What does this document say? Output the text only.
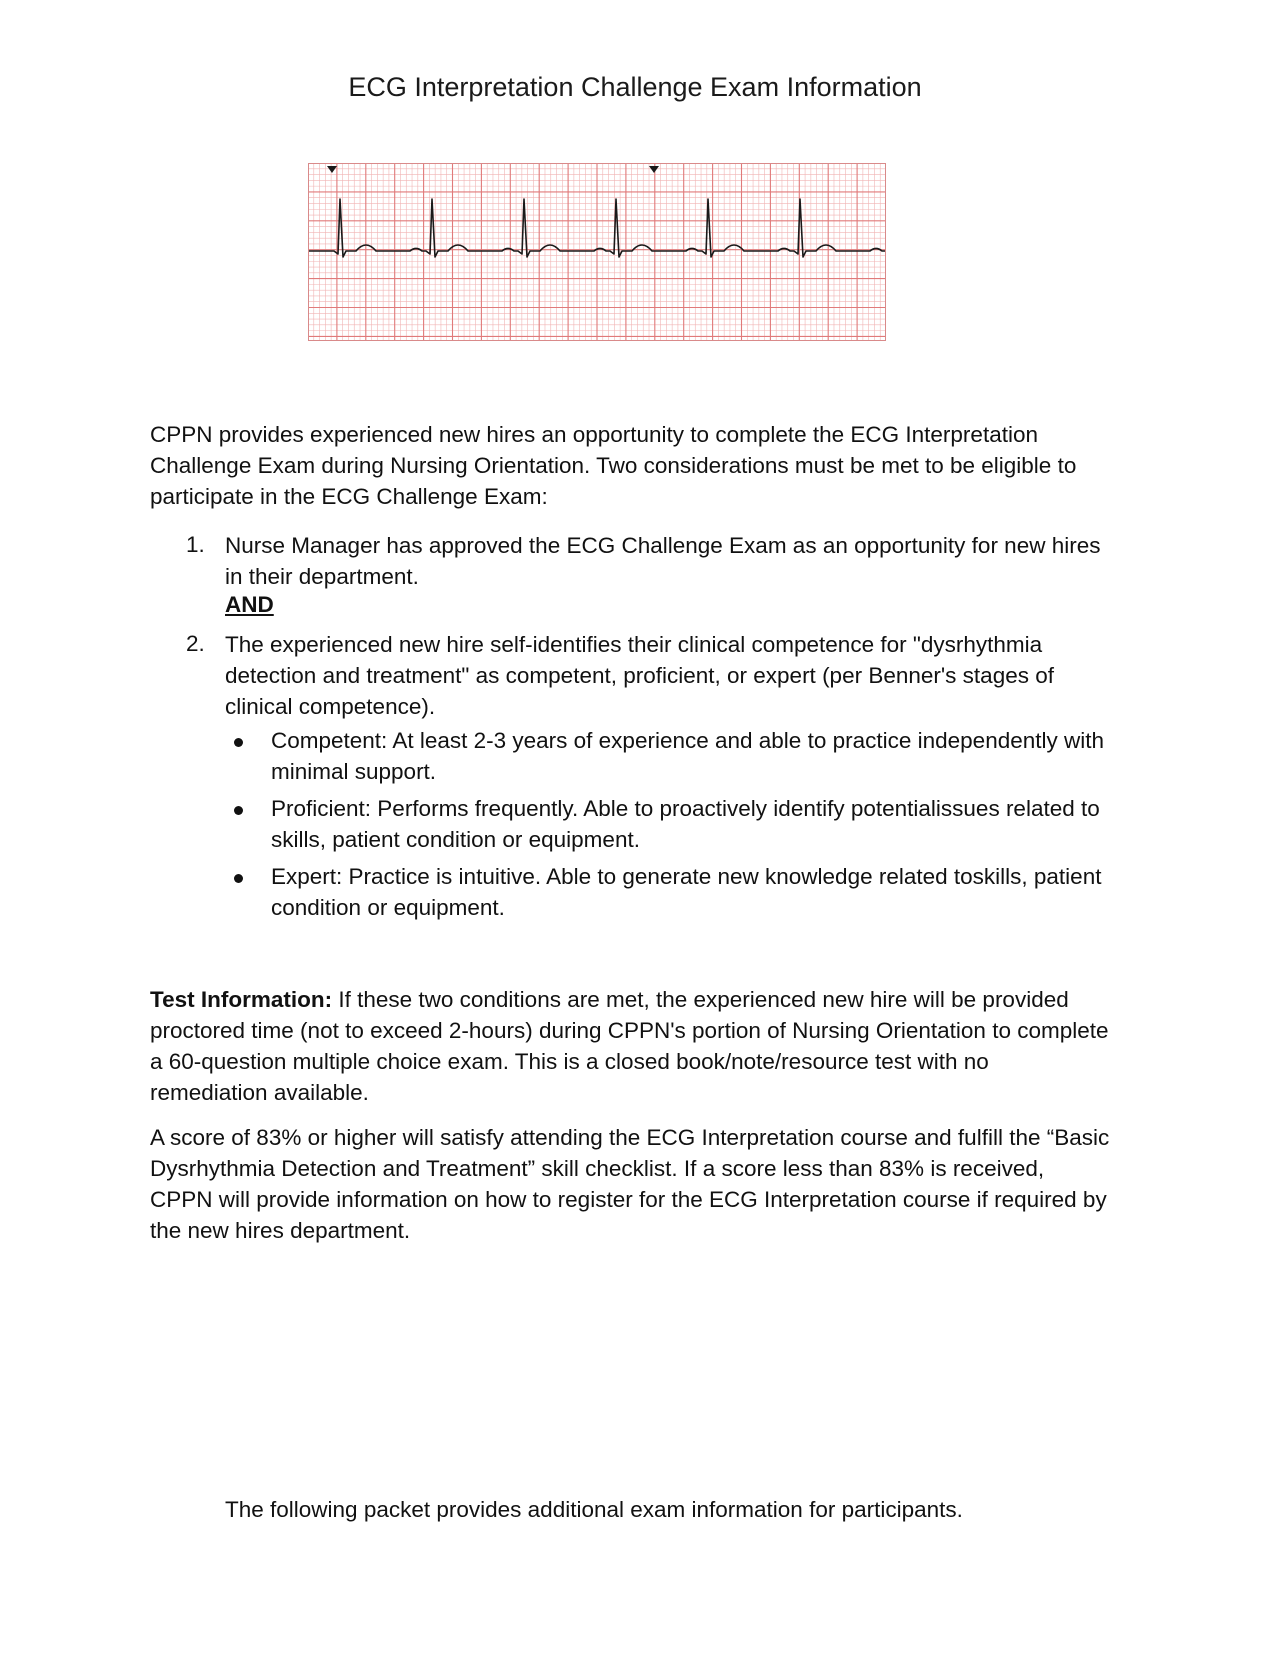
ECG Interpretation Challenge Exam Information

CPPN provides experienced new hires an opportunity to complete the ECG Interpretation Challenge Exam during Nursing Orientation. Two considerations must be met to be eligible to participate in the ECG Challenge Exam:

1. Nurse Manager has approved the ECG Challenge Exam as an opportunity for new hires in their department.

AND
2. The experienced new hire self-identifies their clinical competence for "dysrhythmia detection and treatment" as competent, proficient, or expert (per Benner's stages of clinical competence).

Competent: At least 2-3 years of experience and able to practice independently with minimal support.

Proficient: Performs frequently. Able to proactively identify potentialissues related to skills, patient condition or equipment.

Expert: Practice is intuitive. Able to generate new knowledge related toskills, patient condition or equipment.

Test Information: If these two conditions are met, the experienced new hire will be provided proctored time (not to exceed 2-hours) during CPPN's portion of Nursing Orientation to complete a 60-question multiple choice exam. This is a closed book/note/resource test with no remediation available.

A score of 83% or higher will satisfy attending the ECG Interpretation course and fulfill the “Basic Dysrhythmia Detection and Treatment” skill checklist. If a score less than 83% is received, CPPN will provide information on how to register for the ECG Interpretation course if required by the new hires department.

The following packet provides additional exam information for participants.
